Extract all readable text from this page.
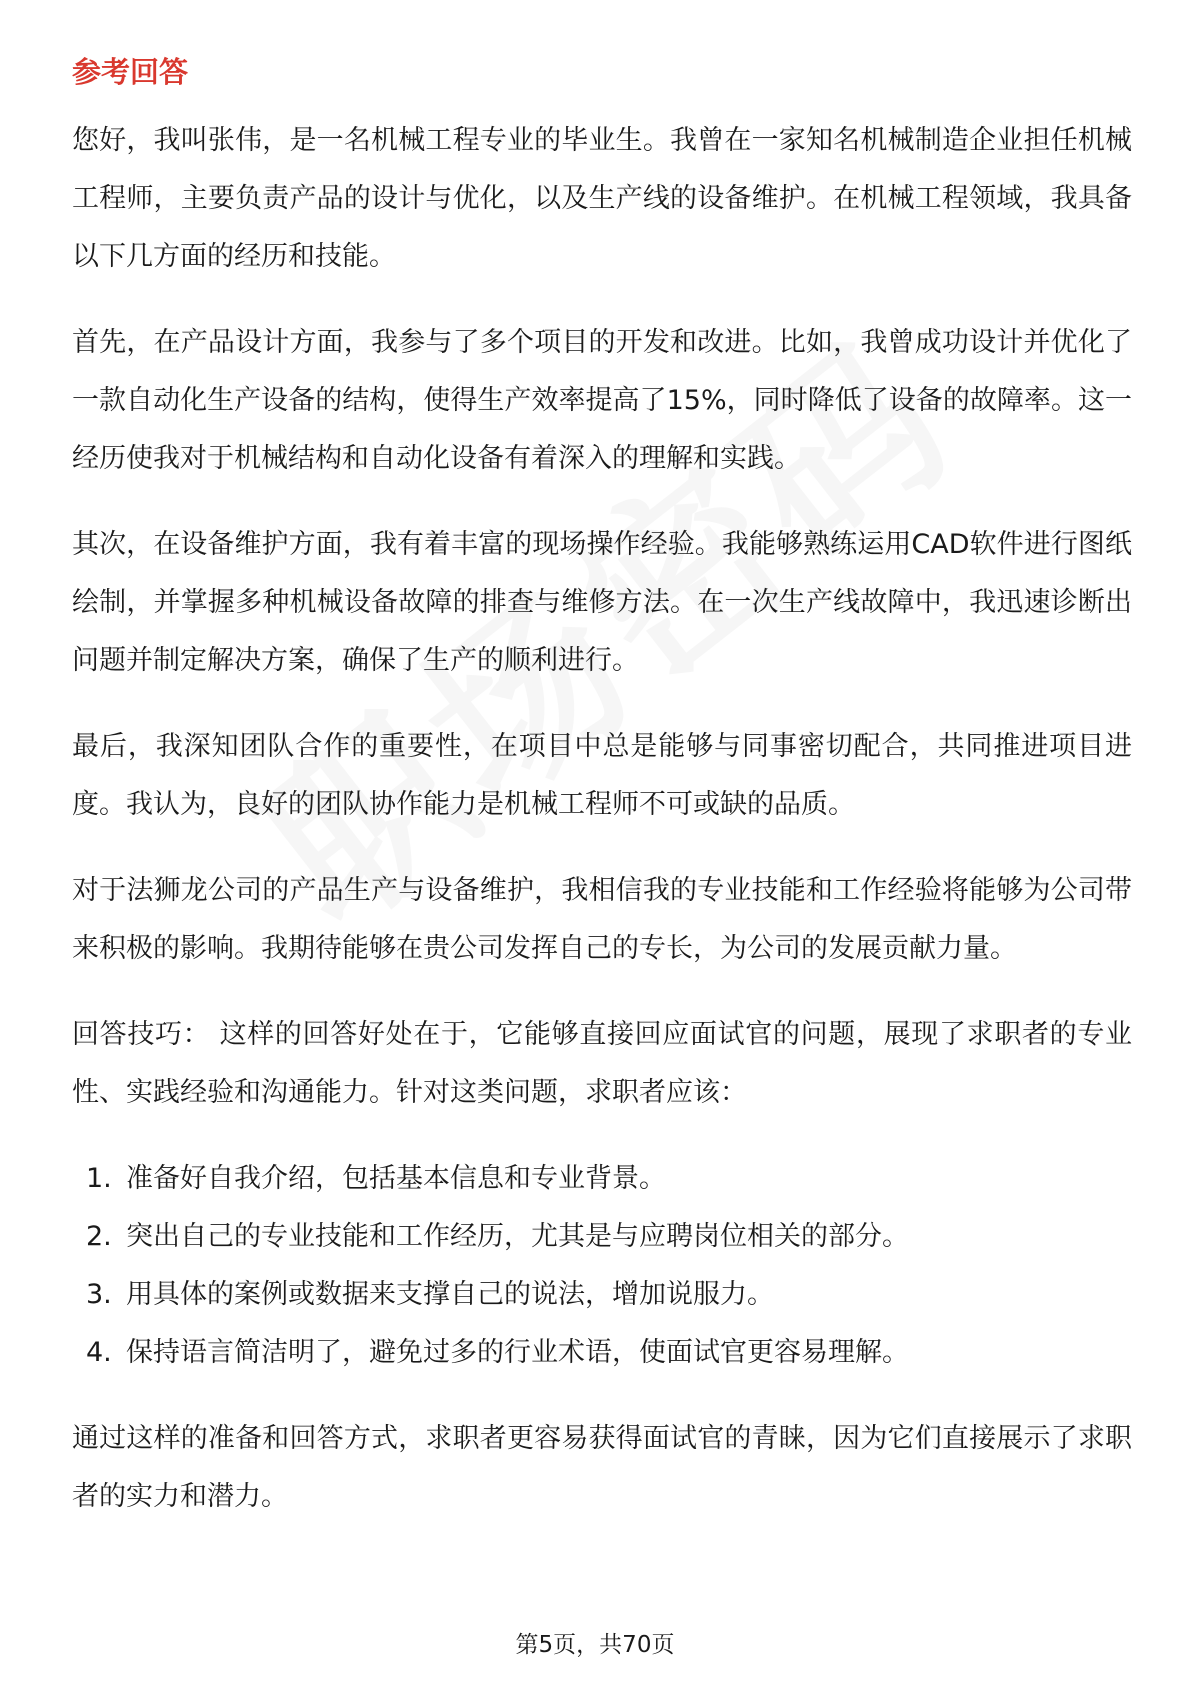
参考回答

您好，我叫张伟，是一名机械工程专业的毕业生。我曾在一家知名机械制造企业担任机械工程师，主要负责产品的设计与优化，以及生产线的设备维护。在机械工程领域，我具备以下几方面的经历和技能。

首先，在产品设计方面，我参与了多个项目的开发和改进。比如，我曾成功设计并优化了一款自动化生产设备的结构，使得生产效率提高了15%，同时降低了设备的故障率。这一经历使我对于机械结构和自动化设备有着深入的理解和实践。

其次，在设备维护方面，我有着丰富的现场操作经验。我能够熟练运用CAD软件进行图纸绘制，并掌握多种机械设备故障的排查与维修方法。在一次生产线故障中，我迅速诊断出问题并制定解决方案，确保了生产的顺利进行。

最后，我深知团队合作的重要性，在项目中总是能够与同事密切配合，共同推进项目进度。我认为，良好的团队协作能力是机械工程师不可或缺的品质。

对于法狮龙公司的产品生产与设备维护，我相信我的专业技能和工作经验将能够为公司带来积极的影响。我期待能够在贵公司发挥自己的专长，为公司的发展贡献力量。

回答技巧： 这样的回答好处在于，它能够直接回应面试官的问题，展现了求职者的专业性、实践经验和沟通能力。针对这类问题，求职者应该：

1. 准备好自我介绍，包括基本信息和专业背景。
2. 突出自己的专业技能和工作经历，尤其是与应聘岗位相关的部分。
3. 用具体的案例或数据来支撑自己的说法，增加说服力。
4. 保持语言简洁明了，避免过多的行业术语，使面试官更容易理解。

通过这样的准备和回答方式，求职者更容易获得面试官的青睐，因为它们直接展示了求职者的实力和潜力。

第5页，共70页
